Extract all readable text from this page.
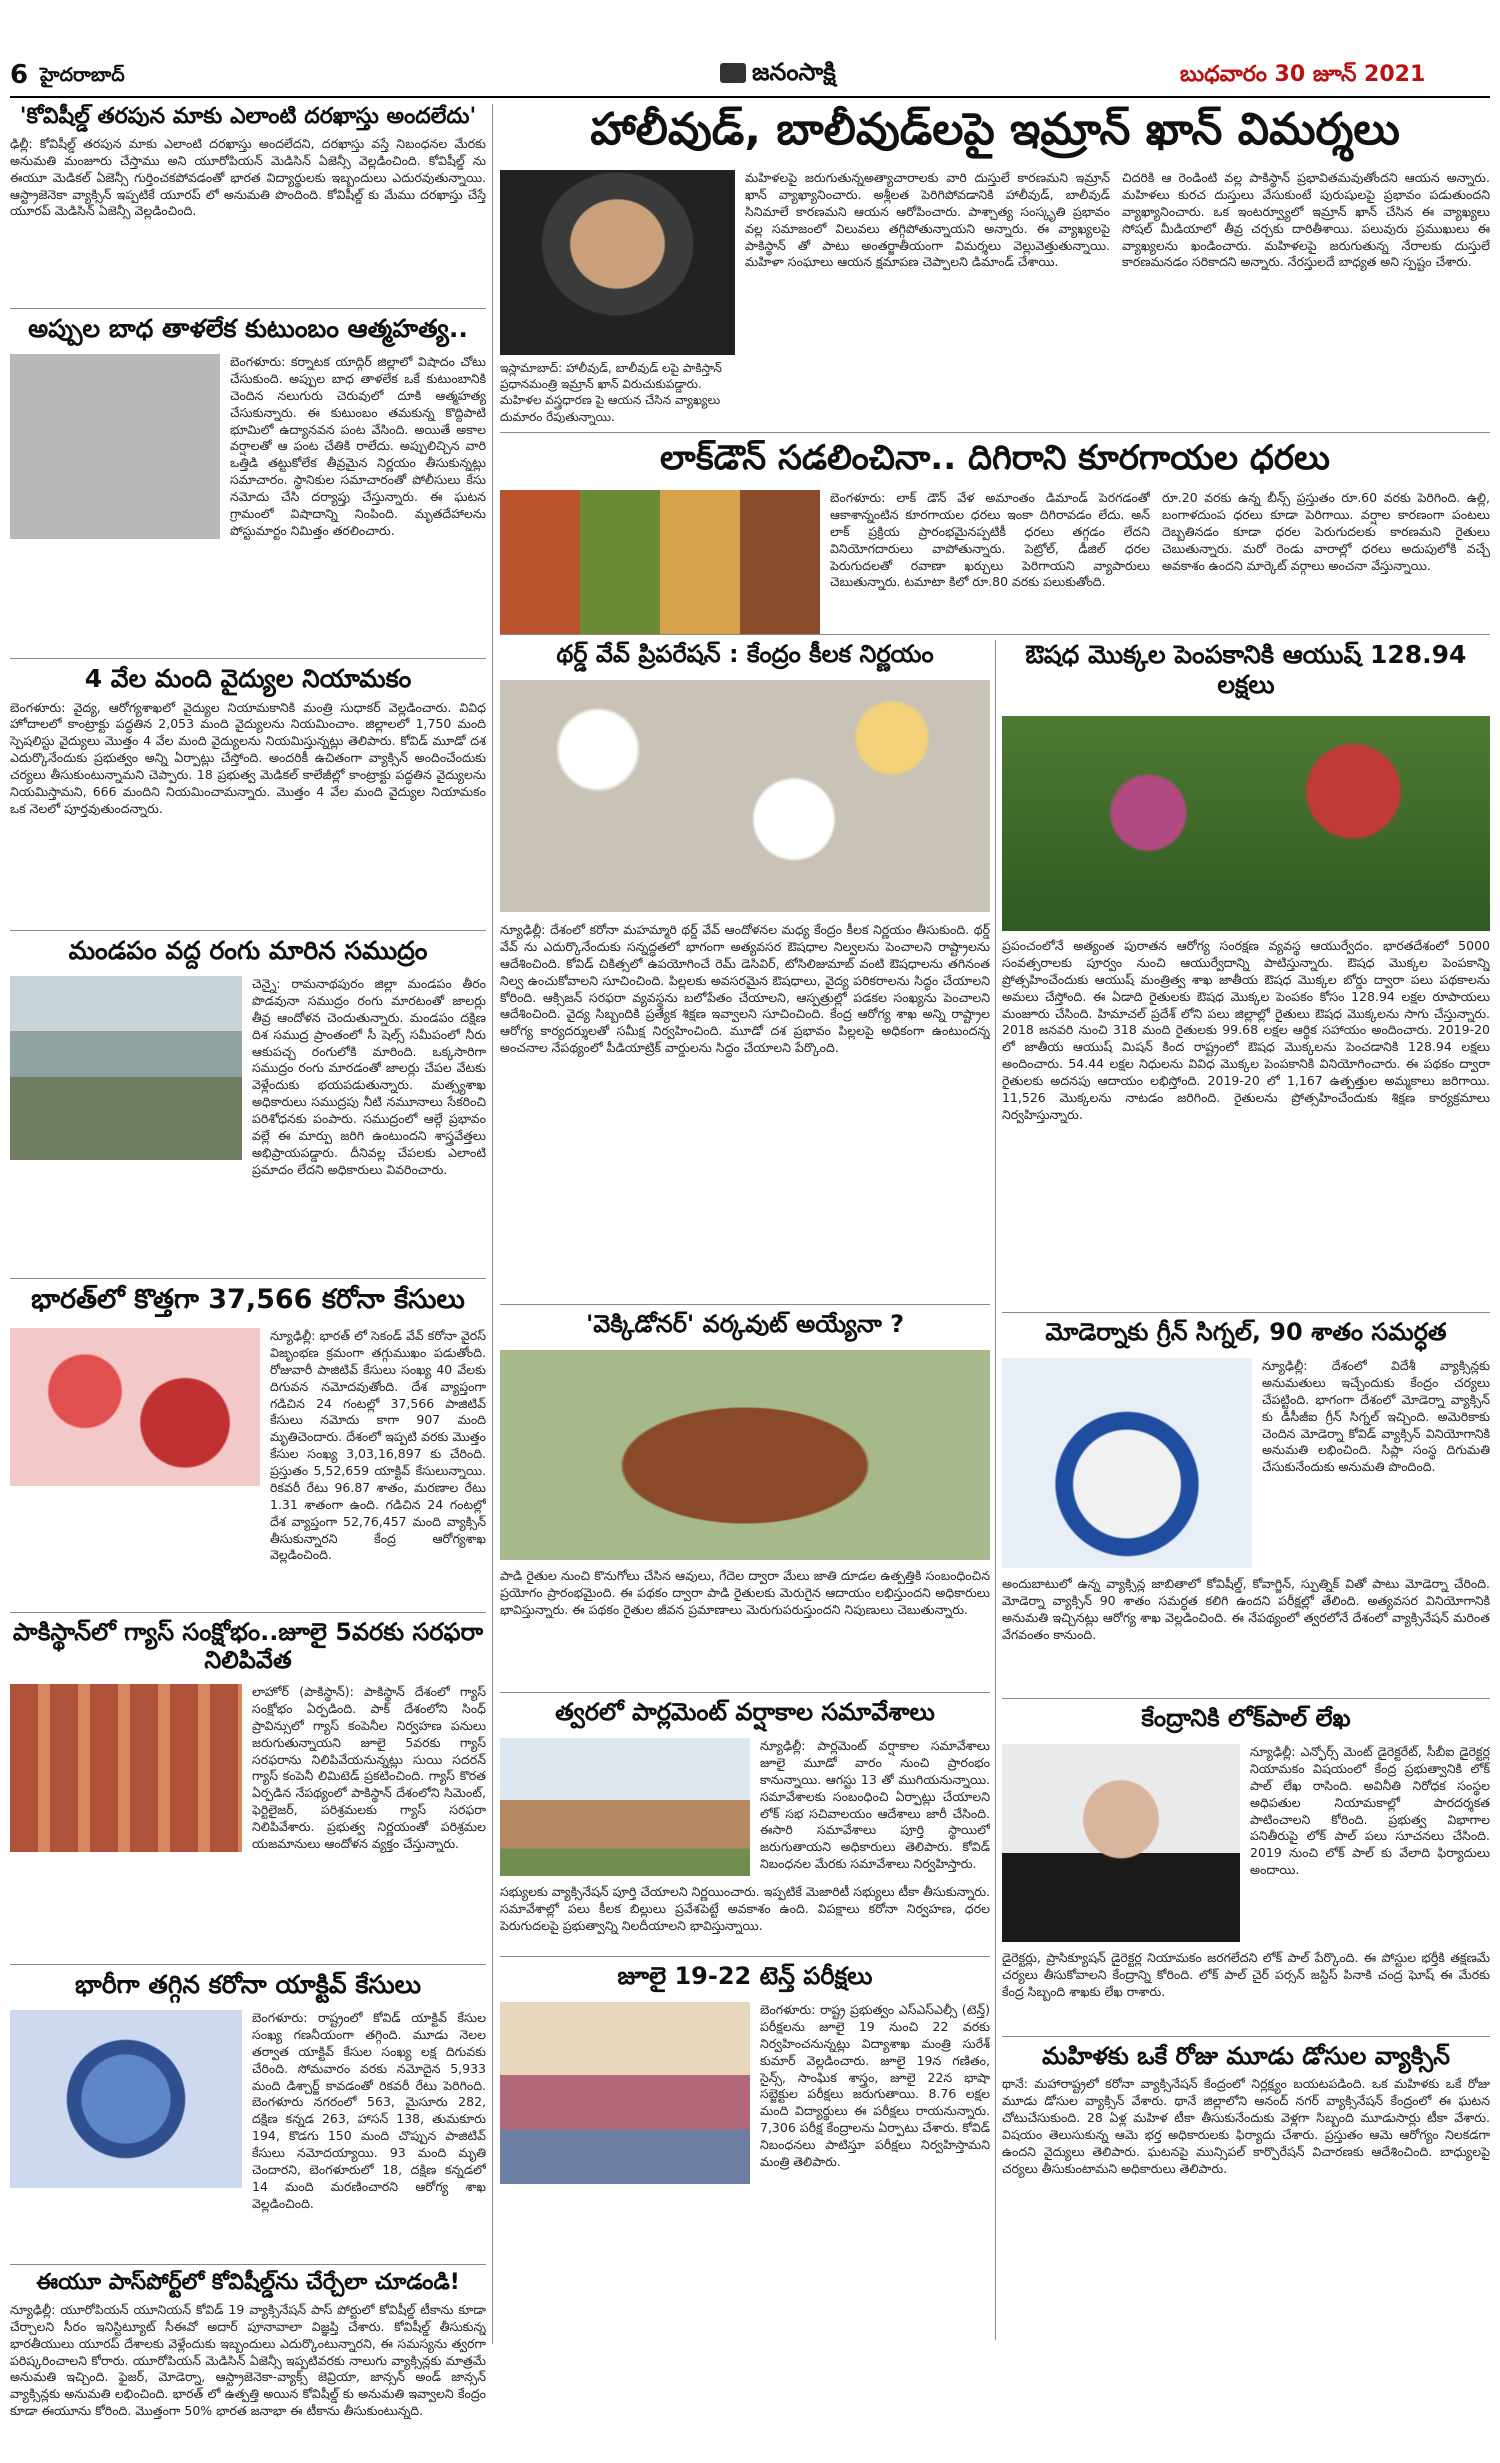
6 హైదరాబాద్	జనంసాక్షి	బుధవారం 30 జూన్ 2021
'కోవిషీల్డ్ తరపున మాకు ఎలాంటి దరఖాస్తు అందలేదు'
ఢిల్లీ: కోవిషీల్డ్ తరపున మాకు ఎలాంటి దరఖాస్తు అందలేదని, దరఖాస్తు వస్తే నిబంధనల మేరకు అనుమతి మంజూరు చేస్తాము అని యూరోపియన్ మెడిసిన్ ఏజెన్సీ వెల్లడించింది. కోవిషీల్డ్ ను ఈయూ మెడికల్ ఏజెన్సీ గుర్తించకపోవడంతో భారత విద్యార్థులకు ఇబ్బందులు ఎదురవుతున్నాయి. ఆస్ట్రాజెనెకా వ్యాక్సిన్ ఇప్పటికే యూరప్ లో అనుమతి పొందింది. కోవిషీల్డ్ కు మేము దరఖాస్తు చేస్తే యూరప్ మెడిసిన్ ఏజెన్సీ వెల్లడించింది.
అప్పుల బాధ తాళలేక కుటుంబం ఆత్మహత్య..
బెంగళూరు: కర్నాటక యాద్గిర్ జిల్లాలో విషాదం చోటు చేసుకుంది. అప్పుల బాధ తాళలేక ఒకే కుటుంబానికి చెందిన నలుగురు చెరువులో దూకి ఆత్మహత్య చేసుకున్నారు. ఈ కుటుంబం తమకున్న కొద్దిపాటి భూమిలో ఉద్యానవన పంట వేసింది. అయితే అకాల వర్షాలతో ఆ పంట చేతికి రాలేదు. అప్పులిచ్చిన వారి ఒత్తిడి తట్టుకోలేక తీవ్రమైన నిర్ణయం తీసుకున్నట్లు సమాచారం. స్థానికుల సమాచారంతో పోలీసులు కేసు నమోదు చేసి దర్యాప్తు చేస్తున్నారు. ఈ ఘటన గ్రామంలో విషాదాన్ని నింపింది. మృతదేహాలను పోస్టుమార్టం నిమిత్తం తరలించారు.
4 వేల మంది వైద్యుల నియామకం
బెంగళూరు: వైద్య, ఆరోగ్యశాఖలో వైద్యుల నియామకానికి మంత్రి సుధాకర్ వెల్లడించారు. వివిధ హోదాలలో కాంట్రాక్టు పద్ధతిన 2,053 మంది వైద్యులను నియమించాం. జిల్లాలలో 1,750 మంది స్పెషలిస్టు వైద్యులు మొత్తం 4 వేల మంది వైద్యులను నియమిస్తున్నట్లు తెలిపారు. కోవిడ్ మూడో దశ ఎదుర్కొనేందుకు ప్రభుత్వం అన్ని ఏర్పాట్లు చేస్తోంది. అందరికీ ఉచితంగా వ్యాక్సిన్ అందించేందుకు చర్యలు తీసుకుంటున్నామని చెప్పారు. 18 ప్రభుత్వ మెడికల్ కాలేజీల్లో కాంట్రాక్టు పద్ధతిన వైద్యులను నియమిస్తామని, 666 మందిని నియమించామన్నారు. మొత్తం 4 వేల మంది వైద్యుల నియామకం ఒక నెలలో పూర్తవుతుందన్నారు.
మండపం వద్ద రంగు మారిన సముద్రం
చెన్నై: రామనాథపురం జిల్లా మండపం తీరం పొడవునా సముద్రం రంగు మారటంతో జాలర్లు తీవ్ర ఆందోళన చెందుతున్నారు. మండపం దక్షిణ దిశ సముద్ర ప్రాంతంలో సీ షెల్స్ సమీపంలో నీరు ఆకుపచ్చ రంగులోకి మారింది. ఒక్కసారిగా సముద్రం రంగు మారడంతో జాలర్లు చేపల వేటకు వెళ్లేందుకు భయపడుతున్నారు. మత్స్యశాఖ అధికారులు సముద్రపు నీటి నమూనాలు సేకరించి పరిశోధనకు పంపారు. సముద్రంలో ఆల్గే ప్రభావం వల్లే ఈ మార్పు జరిగి ఉంటుందని శాస్త్రవేత్తలు అభిప్రాయపడ్డారు. దీనివల్ల చేపలకు ఎలాంటి ప్రమాదం లేదని అధికారులు వివరించారు.
భారత్‌లో కొత్తగా 37,566 కరోనా కేసులు
న్యూఢిల్లీ: భారత్ లో సెకండ్ వేవ్ కరోనా వైరస్ విజృంభణ క్రమంగా తగ్గుముఖం పడుతోంది. రోజువారీ పాజిటివ్ కేసులు సంఖ్య 40 వేలకు దిగువన నమోదవుతోంది. దేశ వ్యాప్తంగా గడిచిన 24 గంటల్లో 37,566 పాజిటివ్ కేసులు నమోదు కాగా 907 మంది మృతిచెందారు. దేశంలో ఇప్పటి వరకు మొత్తం కేసుల సంఖ్య 3,03,16,897 కు చేరింది. ప్రస్తుతం 5,52,659 యాక్టివ్ కేసులున్నాయి. రికవరీ రేటు 96.87 శాతం, మరణాల రేటు 1.31 శాతంగా ఉంది. గడిచిన 24 గంటల్లో దేశ వ్యాప్తంగా 52,76,457 మంది వ్యాక్సిన్ తీసుకున్నారని కేంద్ర ఆరోగ్యశాఖ వెల్లడించింది.
పాకిస్థాన్‌లో గ్యాస్ సంక్షోభం..జూలై 5వరకు సరఫరా నిలిపివేత
లాహోర్ (పాకిస్థాన్): పాకిస్థాన్ దేశంలో గ్యాస్ సంక్షోభం ఏర్పడింది. పాక్ దేశంలోని సింధ్ ప్రావిన్సులో గ్యాస్ కంపెనీల నిర్వహణ పనులు జరుగుతున్నాయని జూలై 5వరకు గ్యాస్ సరఫరాను నిలిపివేయనున్నట్లు సుయి సదరన్ గ్యాస్ కంపెనీ లిమిటెడ్ ప్రకటించింది. గ్యాస్ కొరత ఏర్పడిన నేపథ్యంలో పాకిస్థాన్ దేశంలోని సిమెంట్, ఫెర్టిలైజర్, పరిశ్రమలకు గ్యాస్ సరఫరా నిలిపివేశారు. ప్రభుత్వ నిర్ణయంతో పరిశ్రమల యజమానులు ఆందోళన వ్యక్తం చేస్తున్నారు.
భారీగా తగ్గిన కరోనా యాక్టివ్ కేసులు
బెంగళూరు: రాష్ట్రంలో కోవిడ్ యాక్టివ్ కేసుల సంఖ్య గణనీయంగా తగ్గింది. మూడు నెలల తర్వాత యాక్టివ్ కేసుల సంఖ్య లక్ష దిగువకు చేరింది. సోమవారం వరకు నమోదైన 5,933 మంది డిశ్చార్జ్ కావడంతో రికవరీ రేటు పెరిగింది. బెంగళూరు నగరంలో 563, మైసూరు 282, దక్షిణ కన్నడ 263, హాసన్ 138, తుమకూరు 194, కొడగు 150 మంది చొప్పున పాజిటివ్ కేసులు నమోదయ్యాయి. 93 మంది మృతి చెందారని, బెంగళూరులో 18, దక్షిణ కన్నడలో 14 మంది మరణించారని ఆరోగ్య శాఖ వెల్లడించింది.
ఈయూ పాస్‌పోర్ట్‌లో కోవిషీల్డ్‌ను చేర్చేలా చూడండి!
న్యూఢిల్లీ: యూరోపియన్ యూనియన్ కోవిడ్ 19 వ్యాక్సినేషన్ పాస్ పోర్టులో కోవిషీల్డ్ టీకాను కూడా చేర్చాలని సీరం ఇనిస్టిట్యూట్ సీఈవో అదార్ పూనావాలా విజ్ఞప్తి చేశారు. కోవిషీల్డ్ తీసుకున్న భారతీయులు యూరప్ దేశాలకు వెళ్లేందుకు ఇబ్బందులు ఎదుర్కొంటున్నారని, ఈ సమస్యను త్వరగా పరిష్కరించాలని కోరారు. యూరోపియన్ మెడిసిన్ ఏజెన్సీ ఇప్పటివరకు నాలుగు వ్యాక్సిన్లకు మాత్రమే అనుమతి ఇచ్చింది. ఫైజర్, మోడెర్నా, ఆస్ట్రాజెనెకా-వ్యాక్స్ జెవ్రియా, జాన్సన్ అండ్ జాన్సన్ వ్యాక్సిన్లకు అనుమతి లభించింది. భారత్ లో ఉత్పత్తి అయిన కోవిషీల్డ్ కు అనుమతి ఇవ్వాలని కేంద్రం కూడా ఈయూను కోరింది. మొత్తంగా 50% భారత జనాభా ఈ టీకాను తీసుకుంటున్నది.
హాలీవుడ్, బాలీవుడ్‌లపై ఇమ్రాన్ ఖాన్ విమర్శలు
ఇస్లామాబాద్: హాలీవుడ్, బాలీవుడ్ లపై పాకిస్తాన్ ప్రధానమంత్రి ఇమ్రాన్ ఖాన్ విరుచుకుపడ్డారు. మహిళల వస్త్రధారణ పై ఆయన చేసిన వ్యాఖ్యలు దుమారం రేపుతున్నాయి.
మహిళలపై జరుగుతున్నఅత్యాచారాలకు వారి దుస్తులే కారణమని ఇమ్రాన్ ఖాన్ వ్యాఖ్యానించారు. అశ్లీలత పెరిగిపోవడానికి హాలీవుడ్, బాలీవుడ్ సినిమాలే కారణమని ఆయన ఆరోపించారు. పాశ్చాత్య సంస్కృతి ప్రభావం వల్ల సమాజంలో విలువలు తగ్గిపోతున్నాయని అన్నారు. ఈ వ్యాఖ్యలపై పాకిస్థాన్ తో పాటు అంతర్జాతీయంగా విమర్శలు వెల్లువెత్తుతున్నాయి. మహిళా సంఘాలు ఆయన క్షమాపణ చెప్పాలని డిమాండ్ చేశాయి.
చిదరికి ఆ రెండింటి వల్ల పాకిస్థాన్ ప్రభావితమవుతోందని ఆయన అన్నారు. మహిళలు కురచ దుస్తులు వేసుకుంటే పురుషులపై ప్రభావం పడుతుందని వ్యాఖ్యానించారు. ఒక ఇంటర్వ్యూలో ఇమ్రాన్ ఖాన్ చేసిన ఈ వ్యాఖ్యలు సోషల్ మీడియాలో తీవ్ర చర్చకు దారితీశాయి. పలువురు ప్రముఖులు ఈ వ్యాఖ్యలను ఖండించారు. మహిళలపై జరుగుతున్న నేరాలకు దుస్తులే కారణమనడం సరికాదని అన్నారు. నేరస్తులదే బాధ్యత అని స్పష్టం చేశారు.
లాక్‌డౌన్ సడలించినా.. దిగిరాని కూరగాయల ధరలు
బెంగళూరు: లాక్ డౌన్ వేళ అమాంతం డిమాండ్ పెరగడంతో ఆకాశాన్నంటిన కూరగాయల ధరలు ఇంకా దిగిరావడం లేదు. అన్ లాక్ ప్రక్రియ ప్రారంభమైనప్పటికీ ధరలు తగ్గడం లేదని వినియోగదారులు వాపోతున్నారు. పెట్రోల్, డీజిల్ ధరల పెరుగుదలతో రవాణా ఖర్చులు పెరిగాయని వ్యాపారులు చెబుతున్నారు. టమాటా కిలో రూ.80 వరకు పలుకుతోంది.
రూ.20 వరకు ఉన్న బీన్స్ ప్రస్తుతం రూ.60 వరకు పెరిగింది. ఉల్లి, బంగాళదుంప ధరలు కూడా పెరిగాయి. వర్షాల కారణంగా పంటలు దెబ్బతినడం కూడా ధరల పెరుగుదలకు కారణమని రైతులు చెబుతున్నారు. మరో రెండు వారాల్లో ధరలు అదుపులోకి వచ్చే అవకాశం ఉందని మార్కెట్ వర్గాలు అంచనా వేస్తున్నాయి.
థర్డ్ వేవ్ ప్రిపరేషన్ : కేంద్రం కీలక నిర్ణయం
న్యూఢిల్లీ: దేశంలో కరోనా మహమ్మారి థర్డ్ వేవ్ ఆందోళనల మధ్య కేంద్రం కీలక నిర్ణయం తీసుకుంది. థర్డ్ వేవ్ ను ఎదుర్కొనేందుకు సన్నద్ధతలో భాగంగా అత్యవసర ఔషధాల నిల్వలను పెంచాలని రాష్ట్రాలను ఆదేశించింది. కోవిడ్ చికిత్సలో ఉపయోగించే రెమ్ డెసివిర్, టోసిలిజుమాబ్ వంటి ఔషధాలను తగినంత నిల్వ ఉంచుకోవాలని సూచించింది. పిల్లలకు అవసరమైన ఔషధాలు, వైద్య పరికరాలను సిద్ధం చేయాలని కోరింది. ఆక్సిజన్ సరఫరా వ్యవస్థను బలోపేతం చేయాలని, ఆస్పత్రుల్లో పడకల సంఖ్యను పెంచాలని ఆదేశించింది. వైద్య సిబ్బందికి ప్రత్యేక శిక్షణ ఇవ్వాలని సూచించింది. కేంద్ర ఆరోగ్య శాఖ అన్ని రాష్ట్రాల ఆరోగ్య కార్యదర్శులతో సమీక్ష నిర్వహించింది. మూడో దశ ప్రభావం పిల్లలపై అధికంగా ఉంటుందన్న అంచనాల నేపథ్యంలో పీడియాట్రిక్ వార్డులను సిద్ధం చేయాలని పేర్కొంది.
'వెక్కిడోనర్' వర్కవుట్ అయ్యేనా ?
పాడి రైతుల నుంచి కొనుగోలు చేసిన ఆవులు, గేదెల ద్వారా మేలు జాతి దూడల ఉత్పత్తికి సంబంధించిన ప్రయోగం ప్రారంభమైంది. ఈ పథకం ద్వారా పాడి రైతులకు మెరుగైన ఆదాయం లభిస్తుందని అధికారులు భావిస్తున్నారు. ఈ పథకం రైతుల జీవన ప్రమాణాలు మెరుగుపరుస్తుందని నిపుణులు చెబుతున్నారు.
త్వరలో పార్లమెంట్ వర్షాకాల సమావేశాలు
న్యూఢిల్లీ: పార్లమెంట్ వర్షాకాల సమావేశాలు జూలై మూడో వారం నుంచి ప్రారంభం కానున్నాయి. ఆగస్టు 13 తో ముగియనున్నాయి. సమావేశాలకు సంబంధించి ఏర్పాట్లు చేయాలని లోక్ సభ సచివాలయం ఆదేశాలు జారీ చేసింది. ఈసారి సమావేశాలు పూర్తి స్థాయిలో జరుగుతాయని అధికారులు తెలిపారు. కోవిడ్ నిబంధనల మేరకు సమావేశాలు నిర్వహిస్తారు.
సభ్యులకు వ్యాక్సినేషన్ పూర్తి చేయాలని నిర్ణయించారు. ఇప్పటికే మెజారిటీ సభ్యులు టీకా తీసుకున్నారు. సమావేశాల్లో పలు కీలక బిల్లులు ప్రవేశపెట్టే అవకాశం ఉంది. విపక్షాలు కరోనా నిర్వహణ, ధరల పెరుగుదలపై ప్రభుత్వాన్ని నిలదీయాలని భావిస్తున్నాయి.
జూలై 19-22 టెన్త్ పరీక్షలు
బెంగళూరు: రాష్ట్ర ప్రభుత్వం ఎస్ఎస్ఎల్సీ (టెన్త్) పరీక్షలను జూలై 19 నుంచి 22 వరకు నిర్వహించనున్నట్లు విద్యాశాఖ మంత్రి సురేశ్ కుమార్ వెల్లడించారు. జూలై 19న గణితం, సైన్స్, సాంఘిక శాస్త్రం, జూలై 22న భాషా సబ్జెక్టుల పరీక్షలు జరుగుతాయి. 8.76 లక్షల మంది విద్యార్థులు ఈ పరీక్షలు రాయనున్నారు. 7,306 పరీక్ష కేంద్రాలను ఏర్పాటు చేశారు. కోవిడ్ నిబంధనలు పాటిస్తూ పరీక్షలు నిర్వహిస్తామని మంత్రి తెలిపారు.
ఔషధ మొక్కల పెంపకానికి ఆయుష్ 128.94 లక్షలు
ప్రపంచంలోనే అత్యంత పురాతన ఆరోగ్య సంరక్షణ వ్యవస్థ ఆయుర్వేదం. భారతదేశంలో 5000 సంవత్సరాలకు పూర్వం నుంచి ఆయుర్వేదాన్ని పాటిస్తున్నారు. ఔషధ మొక్కల పెంపకాన్ని ప్రోత్సహించేందుకు ఆయుష్ మంత్రిత్వ శాఖ జాతీయ ఔషధ మొక్కల బోర్డు ద్వారా పలు పథకాలను అమలు చేస్తోంది. ఈ ఏడాది రైతులకు ఔషధ మొక్కల పెంపకం కోసం 128.94 లక్షల రూపాయలు మంజూరు చేసింది. హిమాచల్ ప్రదేశ్ లోని పలు జిల్లాల్లో రైతులు ఔషధ మొక్కలను సాగు చేస్తున్నారు. 2018 జనవరి నుంచి 318 మంది రైతులకు 99.68 లక్షల ఆర్థిక సహాయం అందించారు. 2019-20 లో జాతీయ ఆయుష్ మిషన్ కింద రాష్ట్రంలో ఔషధ మొక్కలను పెంచడానికి 128.94 లక్షలు అందించారు. 54.44 లక్షల నిధులను వివిధ మొక్కల పెంపకానికి వినియోగించారు. ఈ పథకం ద్వారా రైతులకు అదనపు ఆదాయం లభిస్తోంది. 2019-20 లో 1,167 ఉత్పత్తుల అమ్మకాలు జరిగాయి. 11,526 మొక్కలను నాటడం జరిగింది. రైతులను ప్రోత్సహించేందుకు శిక్షణ కార్యక్రమాలు నిర్వహిస్తున్నారు.
మోడెర్నాకు గ్రీన్ సిగ్నల్, 90 శాతం సమర్ధత
న్యూఢిల్లీ: దేశంలో విదేశీ వ్యాక్సిన్లకు అనుమతులు ఇచ్చేందుకు కేంద్రం చర్యలు చేపట్టింది. భాగంగా దేశంలో మోడెర్నా వ్యాక్సిన్ కు డీసీజీఐ గ్రీన్ సిగ్నల్ ఇచ్చింది. అమెరికాకు చెందిన మోడెర్నా కోవిడ్ వ్యాక్సిన్ వినియోగానికి అనుమతి లభించింది. సిప్లా సంస్థ దిగుమతి చేసుకునేందుకు అనుమతి పొందింది.
అందుబాటులో ఉన్న వ్యాక్సిన్ల జాబితాలో కోవిషీల్డ్, కోవాగ్జిన్, స్పుత్నిక్ వితో పాటు మోడెర్నా చేరింది. మోడెర్నా వ్యాక్సిన్ 90 శాతం సమర్ధత కలిగి ఉందని పరీక్షల్లో తేలింది. అత్యవసర వినియోగానికి అనుమతి ఇచ్చినట్లు ఆరోగ్య శాఖ వెల్లడించింది. ఈ నేపథ్యంలో త్వరలోనే దేశంలో వ్యాక్సినేషన్ మరింత వేగవంతం కానుంది.
కేంద్రానికి లోక్‌పాల్ లేఖ
న్యూఢిల్లీ: ఎన్ఫోర్స్ మెంట్ డైరెక్టరేట్, సీబీఐ డైరెక్టర్ల నియామకం విషయంలో కేంద్ర ప్రభుత్వానికి లోక్ పాల్ లేఖ రాసింది. అవినీతి నిరోధక సంస్థల అధిపతుల నియామకాల్లో పారదర్శకత పాటించాలని కోరింది. ప్రభుత్వ విభాగాల పనితీరుపై లోక్ పాల్ పలు సూచనలు చేసింది. 2019 నుంచి లోక్ పాల్ కు వేలాది ఫిర్యాదులు అందాయి.
డైరెక్టర్లు, ప్రాసిక్యూషన్ డైరెక్టర్ల నియామకం జరగలేదని లోక్ పాల్ పేర్కొంది. ఈ పోస్టుల భర్తీకి తక్షణమే చర్యలు తీసుకోవాలని కేంద్రాన్ని కోరింది. లోక్ పాల్ చైర్ పర్సన్ జస్టిస్ పినాకి చంద్ర ఘోష్ ఈ మేరకు కేంద్ర సిబ్బంది శాఖకు లేఖ రాశారు.
మహిళకు ఒకే రోజు మూడు డోసుల వ్యాక్సిన్
థానే: మహారాష్ట్రలో కరోనా వ్యాక్సినేషన్ కేంద్రంలో నిర్లక్ష్యం బయటపడింది. ఒక మహిళకు ఒకే రోజు మూడు డోసుల వ్యాక్సిన్ వేశారు. థానే జిల్లాలోని ఆనంద్ నగర్ వ్యాక్సినేషన్ కేంద్రంలో ఈ ఘటన చోటుచేసుకుంది. 28 ఏళ్ల మహిళ టీకా తీసుకునేందుకు వెళ్లగా సిబ్బంది మూడుసార్లు టీకా వేశారు. విషయం తెలుసుకున్న ఆమె భర్త అధికారులకు ఫిర్యాదు చేశారు. ప్రస్తుతం ఆమె ఆరోగ్యం నిలకడగా ఉందని వైద్యులు తెలిపారు. ఘటనపై మున్సిపల్ కార్పొరేషన్ విచారణకు ఆదేశించింది. బాధ్యులపై చర్యలు తీసుకుంటామని అధికారులు తెలిపారు.
